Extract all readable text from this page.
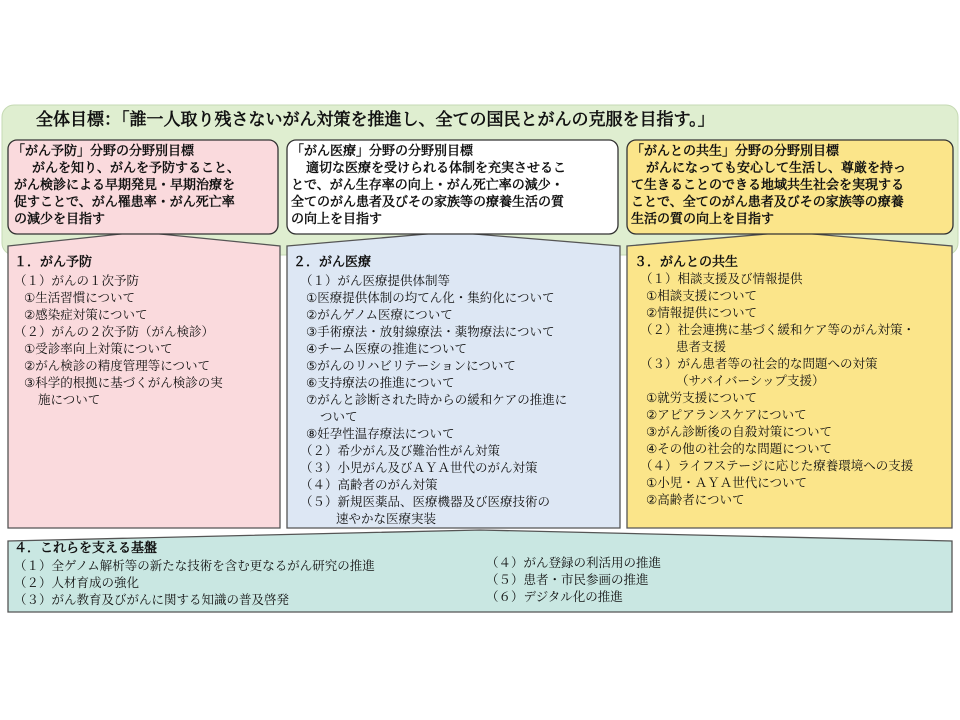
全体目標：「誰一人取り残さないがん対策を推進し、全ての国民とがんの克服を目指す。」
「がん予防」分野の分野別目標
がんを知り、がんを予防すること、
がん検診による早期発見・早期治療を
促すことで、がん罹患率・がん死亡率
の減少を目指す
「がん医療」分野の分野別目標
適切な医療を受けられる体制を充実させるこ
とで、がん生存率の向上・がん死亡率の減少・
全てのがん患者及びその家族等の療養生活の質
の向上を目指す
「がんとの共生」分野の分野別目標
がんになっても安心して生活し、尊厳を持っ
て生きることのできる地域共生社会を実現する
ことで、全てのがん患者及びその家族等の療養
生活の質の向上を目指す
１．がん予防
（１）がんの１次予防
①生活習慣について
②感染症対策について
（２）がんの２次予防（がん検診）
①受診率向上対策について
②がん検診の精度管理等について
③科学的根拠に基づくがん検診の実
施について
２．がん医療
（１）がん医療提供体制等
①医療提供体制の均てん化・集約化について
②がんゲノム医療について
③手術療法・放射線療法・薬物療法について
④チーム医療の推進について
⑤がんのリハビリテーションについて
⑥支持療法の推進について
⑦がんと診断された時からの緩和ケアの推進に
ついて
⑧妊孕性温存療法について
（２）希少がん及び難治性がん対策
（３）小児がん及びＡＹＡ世代のがん対策
（４）高齢者のがん対策
（５）新規医薬品、医療機器及び医療技術の
速やかな医療実装
３．がんとの共生
（１）相談支援及び情報提供
①相談支援について
②情報提供について
（２）社会連携に基づく緩和ケア等のがん対策・
患者支援
（３）がん患者等の社会的な問題への対策
（サバイバーシップ支援）
①就労支援について
②アピアランスケアについて
③がん診断後の自殺対策について
④その他の社会的な問題について
（４）ライフステージに応じた療養環境への支援
①小児・ＡＹＡ世代について
②高齢者について
４．これらを支える基盤
（１）全ゲノム解析等の新たな技術を含む更なるがん研究の推進
（２）人材育成の強化
（３）がん教育及びがんに関する知識の普及啓発
（４）がん登録の利活用の推進
（５）患者・市民参画の推進
（６）デジタル化の推進
